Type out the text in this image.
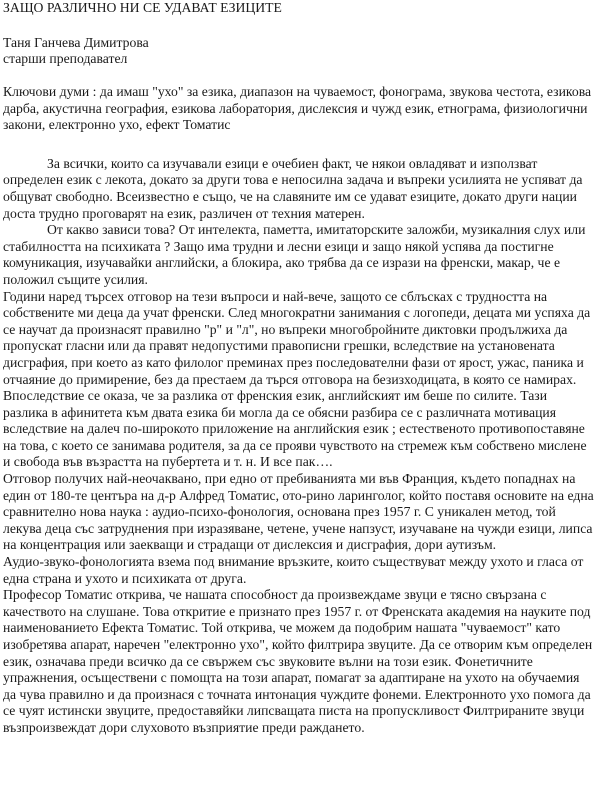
ЗАЩО РАЗЛИЧНО НИ СЕ УДАВАТ ЕЗИЦИТЕ
Таня Ганчева Димитрова
старши преподавател
Ключови думи : да имаш "ухо" за езика, диапазон на чуваемост, фонограма, звукова честота, езикова дарба, акустична география, езикова лаборатория, дислексия и чужд език, етнограма, физиологични закони, електронно ухо, ефект Томатис

За всички, които са изучавали езици е очебиен факт, че някои овладяват и използват определен език с лекота, докато за други това е непосилна задача и въпреки усилията не успяват да общуват свободно. Всеизвестно е също, че на славяните им се удават езиците, докато други нации доста трудно проговарят на език, различен от техния матерен.

От какво зависи това? От интелекта, паметта, имитаторските заложби, музикалния слух или стабилността на психиката ? Защо има трудни и лесни езици и защо някой успява да постигне комуникация, изучавайки английски, а блокира, ако трябва да се изрази на френски, макар, че е положил същите усилия.

Години наред търсех отговор на тези въпроси и най-вече, защото се сблъсках с трудността на собствените ми деца да учат френски. След многократни занимания с логопеди, децата ми успяха да се научат да произнасят правилно "р" и "л", но въпреки многобройните диктовки продължиха да пропускат гласни или да правят недопустими правописни грешки, вследствие на установената дисграфия, при което аз като филолог преминах през последователни фази от ярост, ужас, паника и отчаяние до примирение, без да престаем да търся отговора на безизходицата, в която се намирах. Впоследствие се оказа, че за разлика от френския език, английският им беше по силите. Тази разлика в афинитета към двата езика би могла да се обясни разбира се с различната мотивация вследствие на далеч по-широкото приложение на английския език ; естественото противопоставяне на това, с което се занимава родителя, за да се прояви чувството на стремеж към собствено мислене и свобода във възрастта на пубертета и т. н. И все пак….

Отговор получих най-неочаквано, при едно от пребиванията ми във Франция, където попаднах на един от 180-те центъра на д-р Алфред Томатис, ото-рино ларинголог, който поставя основите на една сравнително нова наука : аудио-психо-фонология, основана през 1957 г. С уникален метод, той лекува деца със затруднения при изразяване, четене, учене напзуст, изучаване на чужди езици, липса на концентрация или заекващи и страдащи от дислексия и дисграфия, дори аутизъм.

Аудио-звуко-фонологията взема под внимание връзките, които съществуват между ухото и гласа от една страна и ухото и психиката от друга.

Професор Томатис открива, че нашата способност да произвеждаме звуци е тясно свързана с качеството на слушане. Това откритие е признато през 1957 г. от Френската академия на науките под наименованието Ефекта Томатис. Той открива, че можем да подобрим нашата "чуваемост" като изобретява апарат, наречен "електронно ухо", който филтрира звуците. Да се отворим към определен език, означава преди всичко да се свържем със звуковите вълни на този език. Фонетичните упражнения, осъществени с помощта на този апарат, помагат за адаптиране на ухото на обучаемия да чува правилно и да произнася с точната интонация чуждите фонеми. Електронното ухо помога да се чуят истински звуците, предоставяйки липсващата писта на пропускливост Филтрираните звуци възпроизвеждат дори слуховото възприятие преди раждането.
